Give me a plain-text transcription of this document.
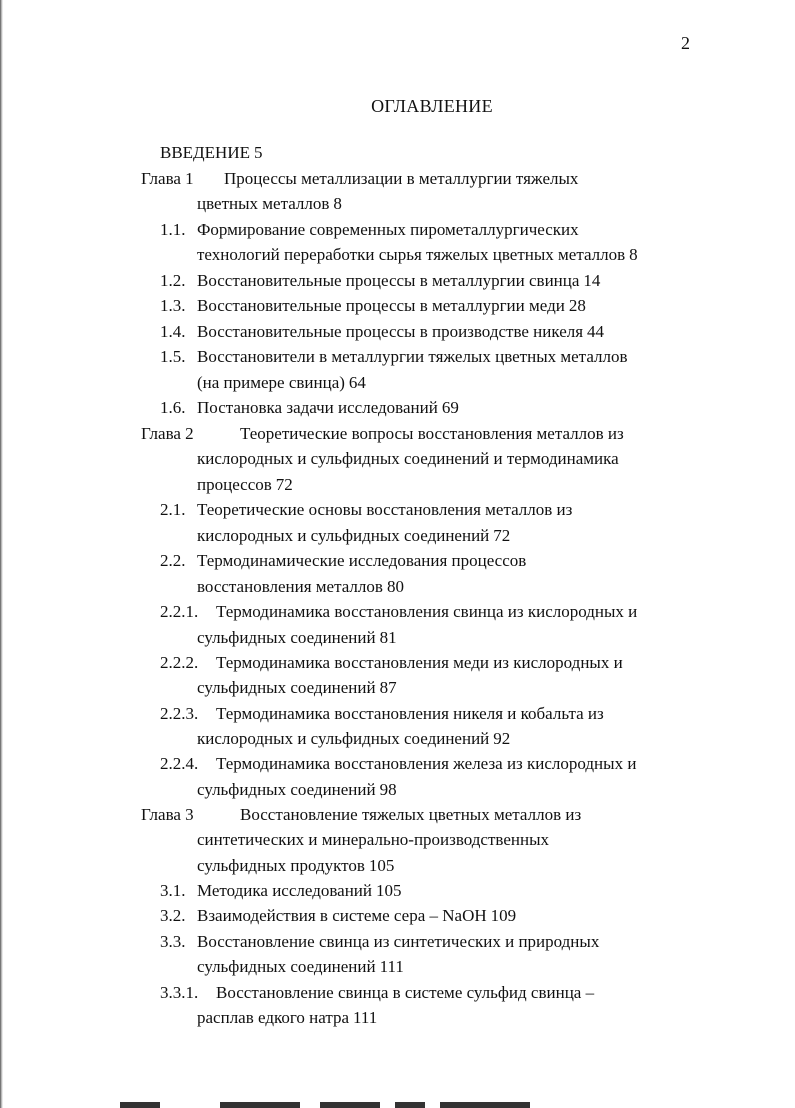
2
ОГЛАВЛЕНИЕ
ВВЕДЕНИЕ 5
Глава 1	Процессы металлизации в металлургии тяжелых
цветных металлов 8
1.1. Формирование современных пирометаллургических
технологий переработки сырья тяжелых цветных металлов 8
1.2. Восстановительные процессы в металлургии свинца 14
1.3. Восстановительные процессы в металлургии меди 28
1.4. Восстановительные процессы в производстве никеля 44
1.5. Восстановители в металлургии тяжелых цветных металлов
(на примере свинца) 64
1.6. Постановка задачи исследований 69
Глава 2	Теоретические вопросы восстановления металлов из
кислородных и сульфидных соединений и термодинамика
процессов 72
2.1. Теоретические основы восстановления металлов из
кислородных и сульфидных соединений 72
2.2. Термодинамические исследования процессов
восстановления металлов 80
2.2.1. Термодинамика восстановления свинца из кислородных и
сульфидных соединений 81
2.2.2. Термодинамика восстановления меди из кислородных и
сульфидных соединений 87
2.2.3. Термодинамика восстановления никеля и кобальта из
кислородных и сульфидных соединений 92
2.2.4. Термодинамика восстановления железа из кислородных и
сульфидных соединений 98
Глава 3	Восстановление тяжелых цветных металлов из
синтетических и минерально-производственных
сульфидных продуктов 105
3.1. Методика исследований 105
3.2. Взаимодействия в системе сера – NaOH 109
3.3. Восстановление свинца из синтетических и природных
сульфидных соединений 111
3.3.1. Восстановление свинца в системе сульфид свинца –
расплав едкого натра 111
